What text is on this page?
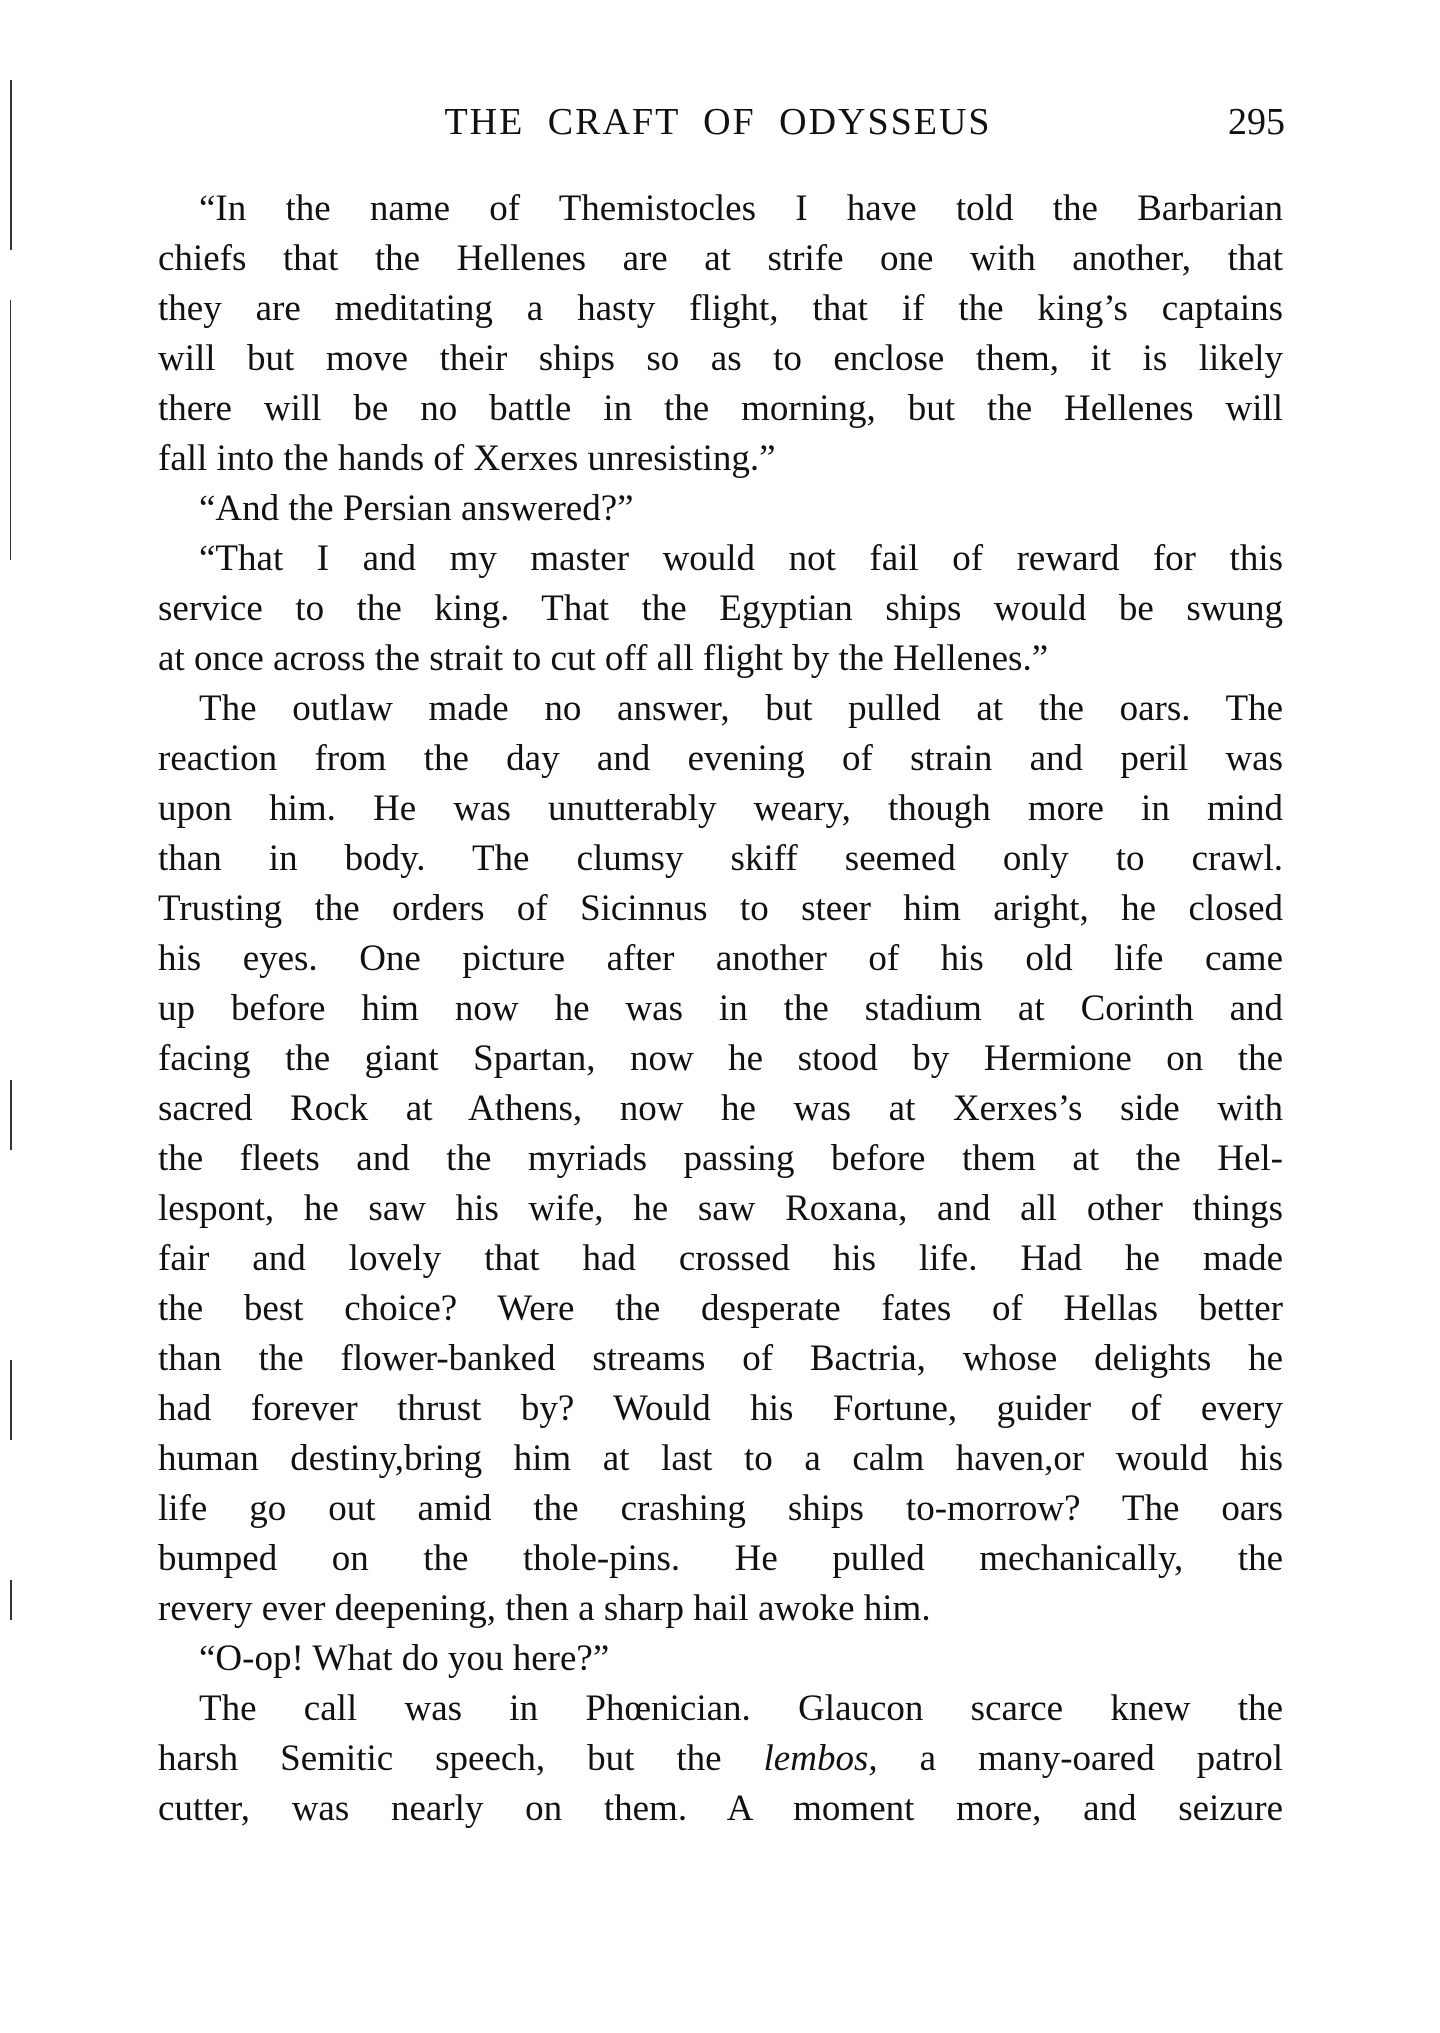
THE CRAFT OF ODYSSEUS	295
“In the name of Themistocles I have told the Barbarian
chiefs that the Hellenes are at strife one with another, that
they are meditating a hasty flight, that if the king’s captains
will but move their ships so as to enclose them, it is likely
there will be no battle in the morning, but the Hellenes will
fall into the hands of Xerxes unresisting.”
“And the Persian answered?”
“That I and my master would not fail of reward for this
service to the king. That the Egyptian ships would be swung
at once across the strait to cut off all flight by the Hellenes.”
The outlaw made no answer, but pulled at the oars. The
reaction from the day and evening of strain and peril was
upon him. He was unutterably weary, though more in mind
than in body. The clumsy skiff seemed only to crawl.
Trusting the orders of Sicinnus to steer him aright, he closed
his eyes. One picture after another of his old life came
up before him now he was in the stadium at Corinth and
facing the giant Spartan, now he stood by Hermione on the
sacred Rock at Athens, now he was at Xerxes’s side with
the fleets and the myriads passing before them at the Hel-
lespont, he saw his wife, he saw Roxana, and all other things
fair and lovely that had crossed his life. Had he made
the best choice? Were the desperate fates of Hellas better
than the flower-banked streams of Bactria, whose delights he
had forever thrust by? Would his Fortune, guider of every
human destiny,bring him at last to a calm haven,or would his
life go out amid the crashing ships to-morrow? The oars
bumped on the thole-pins. He pulled mechanically, the
revery ever deepening, then a sharp hail awoke him.
“O-op! What do you here?”
The call was in Phœnician. Glaucon scarce knew the
harsh Semitic speech, but the lembos, a many-oared patrol
cutter, was nearly on them. A moment more, and seizure
